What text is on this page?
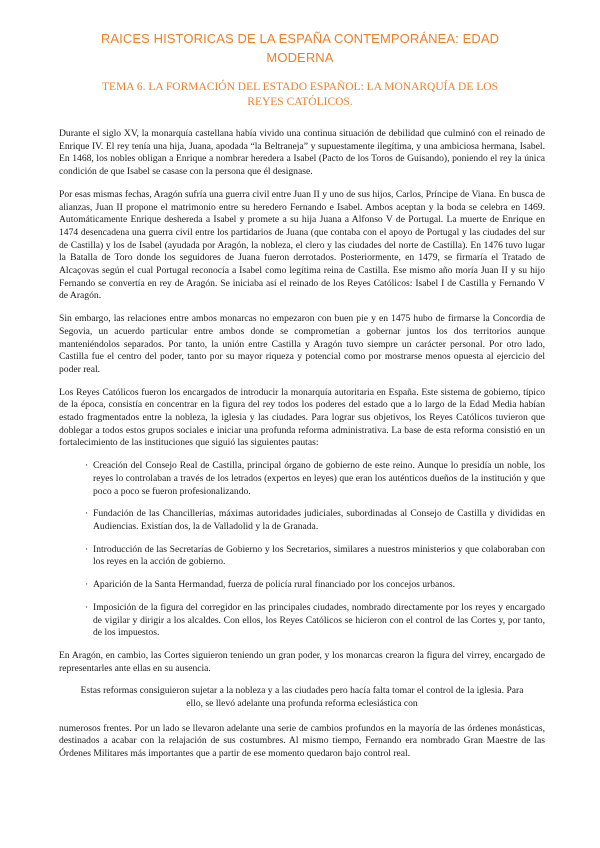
RAICES HISTORICAS DE LA ESPAÑA CONTEMPORÁNEA: EDAD
MODERNA
TEMA 6. LA FORMACIÓN DEL ESTADO ESPAÑOL: LA MONARQUÍA DE LOS
REYES CATÓLICOS.

Durante el siglo XV, la monarquía castellana había vivido una continua situación de debilidad que culminó con el reinado de Enrique IV. El rey tenía una hija, Juana, apodada “la Beltraneja” y supuestamente ilegítima, y una ambiciosa hermana, Isabel. En 1468, los nobles obligan a Enrique a nombrar heredera a Isabel (Pacto de los Toros de Guisando), poniendo el rey la única condición de que Isabel se casase con la persona que él designase.

Por esas mismas fechas, Aragón sufría una guerra civil entre Juan II y uno de sus hijos, Carlos, Príncipe de Viana. En busca de alianzas, Juan II propone el matrimonio entre su heredero Fernando e Isabel. Ambos aceptan y la boda se celebra en 1469. Automáticamente Enrique deshereda a Isabel y promete a su hija Juana a Alfonso V de Portugal. La muerte de Enrique en 1474 desencadena una guerra civil entre los partidarios de Juana (que contaba con el apoyo de Portugal y las ciudades del sur de Castilla) y los de Isabel (ayudada por Aragón, la nobleza, el clero y las ciudades del norte de Castilla). En 1476 tuvo lugar la Batalla de Toro donde los seguidores de Juana fueron derrotados. Posteriormente, en 1479, se firmaría el Tratado de Alcaçovas según el cual Portugal reconocía a Isabel como legítima reina de Castilla. Ese mismo año moría Juan II y su hijo Fernando se convertía en rey de Aragón. Se iniciaba así el reinado de los Reyes Católicos: Isabel I de Castilla y Fernando V de Aragón.

Sin embargo, las relaciones entre ambos monarcas no empezaron con buen pie y en 1475 hubo de firmarse la Concordia de Segovia, un acuerdo particular entre ambos donde se comprometían a gobernar juntos los dos territorios aunque manteniéndolos separados. Por tanto, la unión entre Castilla y Aragón tuvo siempre un carácter personal. Por otro lado, Castilla fue el centro del poder, tanto por su mayor riqueza y potencial como por mostrarse menos opuesta al ejercicio del poder real.

Los Reyes Católicos fueron los encargados de introducir la monarquía autoritaria en España. Este sistema de gobierno, típico de la época, consistía en concentrar en la figura del rey todos los poderes del estado que a lo largo de la Edad Media habían estado fragmentados entre la nobleza, la iglesia y las ciudades. Para lograr sus objetivos, los Reyes Católicos tuvieron que doblegar a todos estos grupos sociales e iniciar una profunda reforma administrativa. La base de esta reforma consistió en un fortalecimiento de las instituciones que siguió las siguientes pautas:

· Creación del Consejo Real de Castilla, principal órgano de gobierno de este reino. Aunque lo presidía un noble, los reyes lo controlaban a través de los letrados (expertos en leyes) que eran los auténticos dueños de la institución y que poco a poco se fueron profesionalizando.
· Fundación de las Chancillerías, máximas autoridades judiciales, subordinadas al Consejo de Castilla y divididas en Audiencias. Existían dos, la de Valladolid y la de Granada.
· Introducción de las Secretarías de Gobierno y los Secretarios, similares a nuestros ministerios y que colaboraban con los reyes en la acción de gobierno.
· Aparición de la Santa Hermandad, fuerza de policía rural financiado por los concejos urbanos.
· Imposición de la figura del corregidor en las principales ciudades, nombrado directamente por los reyes y encargado de vigilar y dirigir a los alcaldes. Con ellos, los Reyes Católicos se hicieron con el control de las Cortes y, por tanto, de los impuestos.

En Aragón, en cambio, las Cortes siguieron teniendo un gran poder, y los monarcas crearon la figura del virrey, encargado de representarles ante ellas en su ausencia.

Estas reformas consiguieron sujetar a la nobleza y a las ciudades pero hacía falta tomar el control de la iglesia. Para ello, se llevó adelante una profunda reforma eclesiástica con

numerosos frentes. Por un lado se llevaron adelante una serie de cambios profundos en la mayoría de las órdenes monásticas, destinados a acabar con la relajación de sus costumbres. Al mismo tiempo, Fernando era nombrado Gran Maestre de las Órdenes Militares más importantes que a partir de ese momento quedaron bajo control real.
